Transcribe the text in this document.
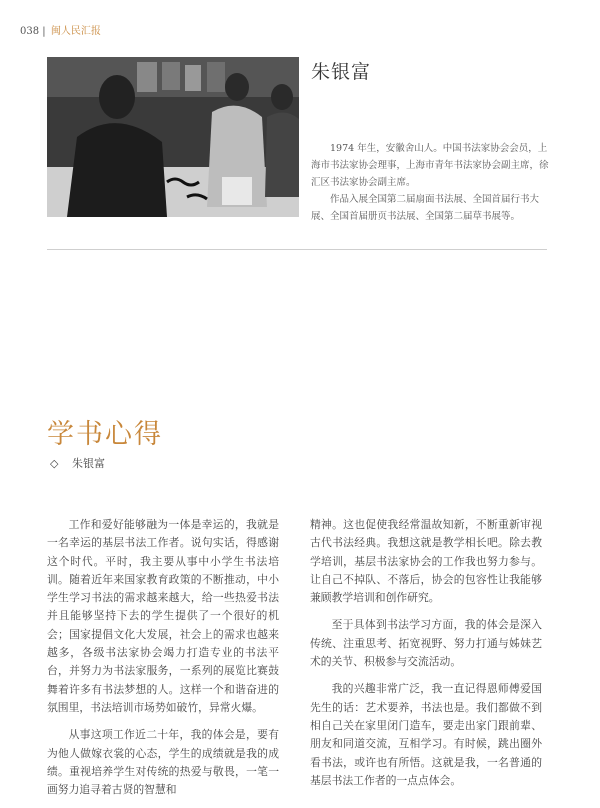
038 | 闽人民汇报
朱银富

1974 年生，安徽舍山人。中国书法家协会会员，上海市书法家协会理事，上海市青年书法家协会副主席，徐汇区书法家协会副主席。

作品入展全国第二届扇面书法展、全国首届行书大展、全国首届册页书法展、全国第二届草书展等。

学书心得
◇ 朱银富

工作和爱好能够融为一体是幸运的，我就是一名幸运的基层书法工作者。说句实话，得感谢这个时代。平时，我主要从事中小学生书法培训。随着近年来国家教育政策的不断推动，中小学生学习书法的需求越来越大，给一些热爱书法并且能够坚持下去的学生提供了一个很好的机会；国家提倡文化大发展，社会上的需求也越来越多，各级书法家协会竭力打造专业的书法平台，并努力为书法家服务，一系列的展览比赛鼓舞着许多有书法梦想的人。这样一个和谐奋进的氛围里，书法培训市场势如破竹，异常火爆。

从事这项工作近二十年，我的体会是，要有为他人做嫁衣裳的心态，学生的成绩就是我的成绩。重视培养学生对传统的热爱与敬畏，一笔一画努力追寻着古贤的智慧和

精神。这也促使我经常温故知新，不断重新审视古代书法经典。我想这就是教学相长吧。除去教学培训，基层书法家协会的工作我也努力参与。让自己不掉队、不落后，协会的包容性让我能够兼顾教学培训和创作研究。

至于具体到书法学习方面，我的体会是深入传统、注重思考、拓宽视野、努力打通与姊妹艺术的关节、积极参与交流活动。

我的兴趣非常广泛，我一直记得恩师傅爱国先生的话：艺术要养，书法也是。我们都做不到相自己关在家里闭门造车，要走出家门跟前辈、朋友和同道交流，互相学习。有时候，跳出圈外看书法，或许也有所悟。这就是我，一名普通的基层书法工作者的一点点体会。
